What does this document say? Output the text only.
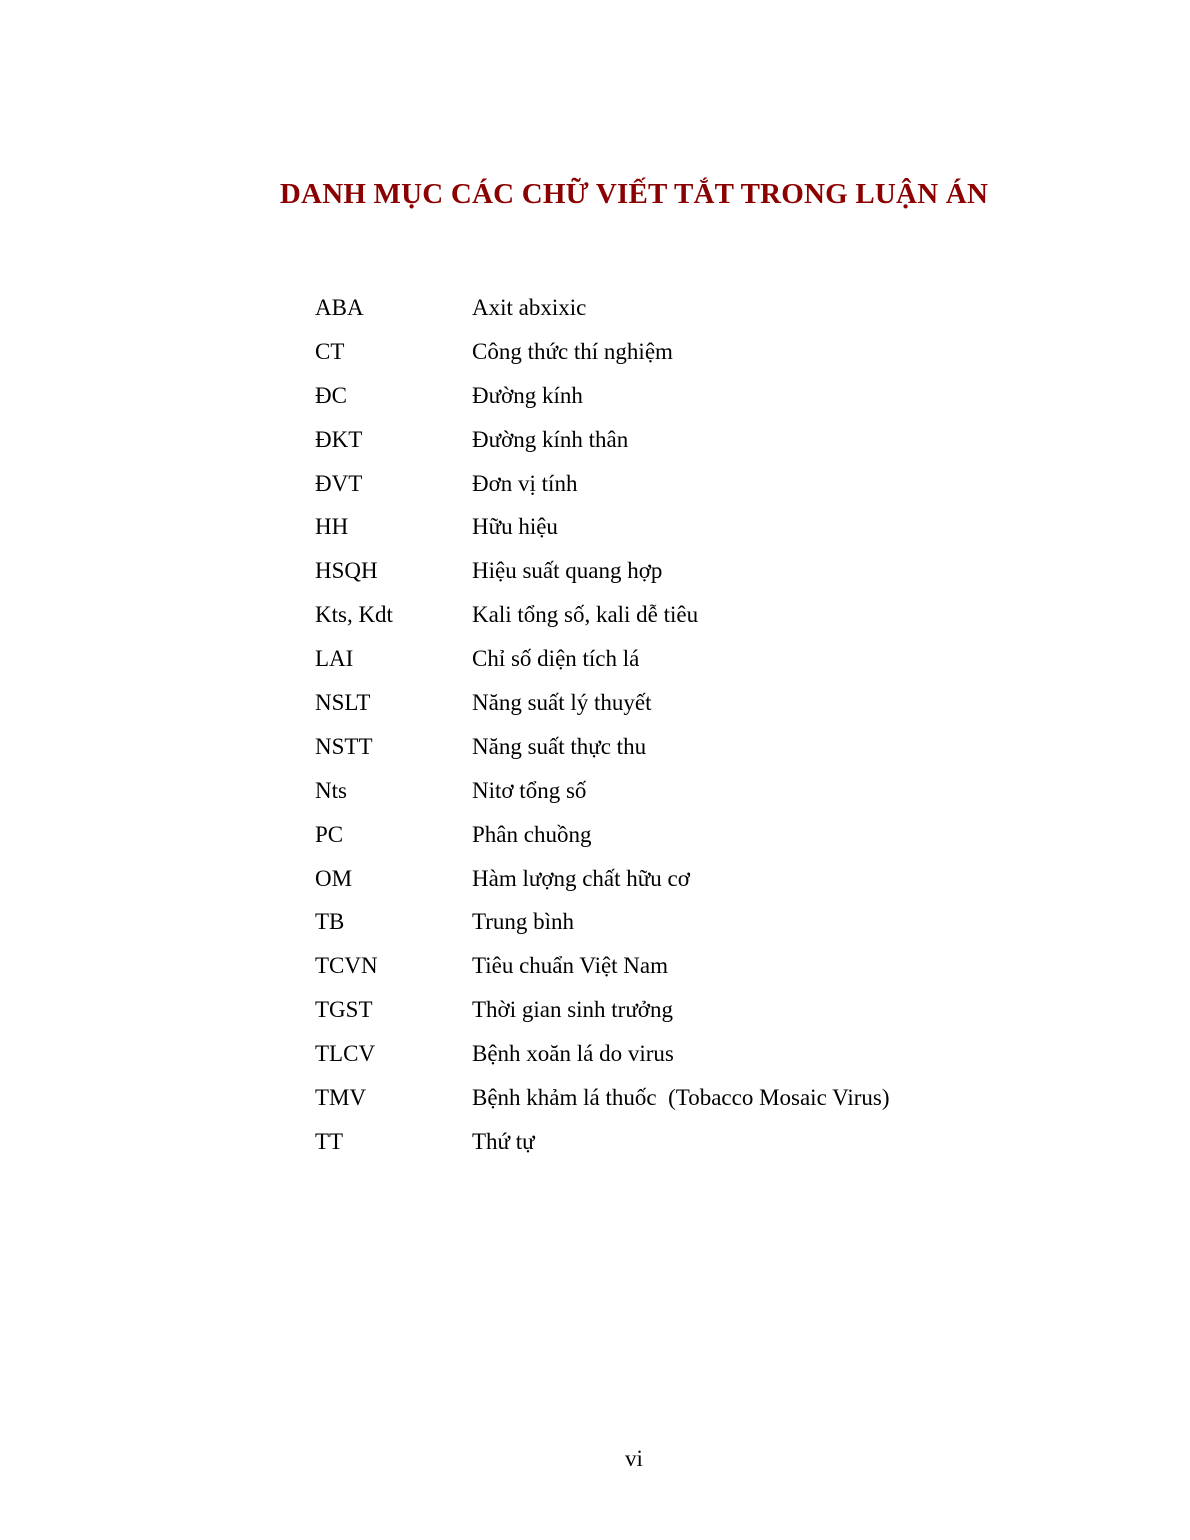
DANH MỤC CÁC CHỮ VIẾT TẮT TRONG LUẬN ÁN
ABA	Axit abxixic
CT	Công thức thí nghiệm
ĐC	Đường kính
ĐKT	Đường kính thân
ĐVT	Đơn vị tính
HH	Hữu hiệu
HSQH	Hiệu suất quang hợp
Kts, Kdt	Kali tổng số, kali dễ tiêu
LAI	Chỉ số diện tích lá
NSLT	Năng suất lý thuyết
NSTT	Năng suất thực thu
Nts	Nitơ tổng số
PC	Phân chuồng
OM	Hàm lượng chất hữu cơ
TB	Trung bình
TCVN	Tiêu chuẩn Việt Nam
TGST	Thời gian sinh trưởng
TLCV	Bệnh xoăn lá do virus
TMV	Bệnh khảm lá thuốc  (Tobacco Mosaic Virus)
TT	Thứ tự
vi
